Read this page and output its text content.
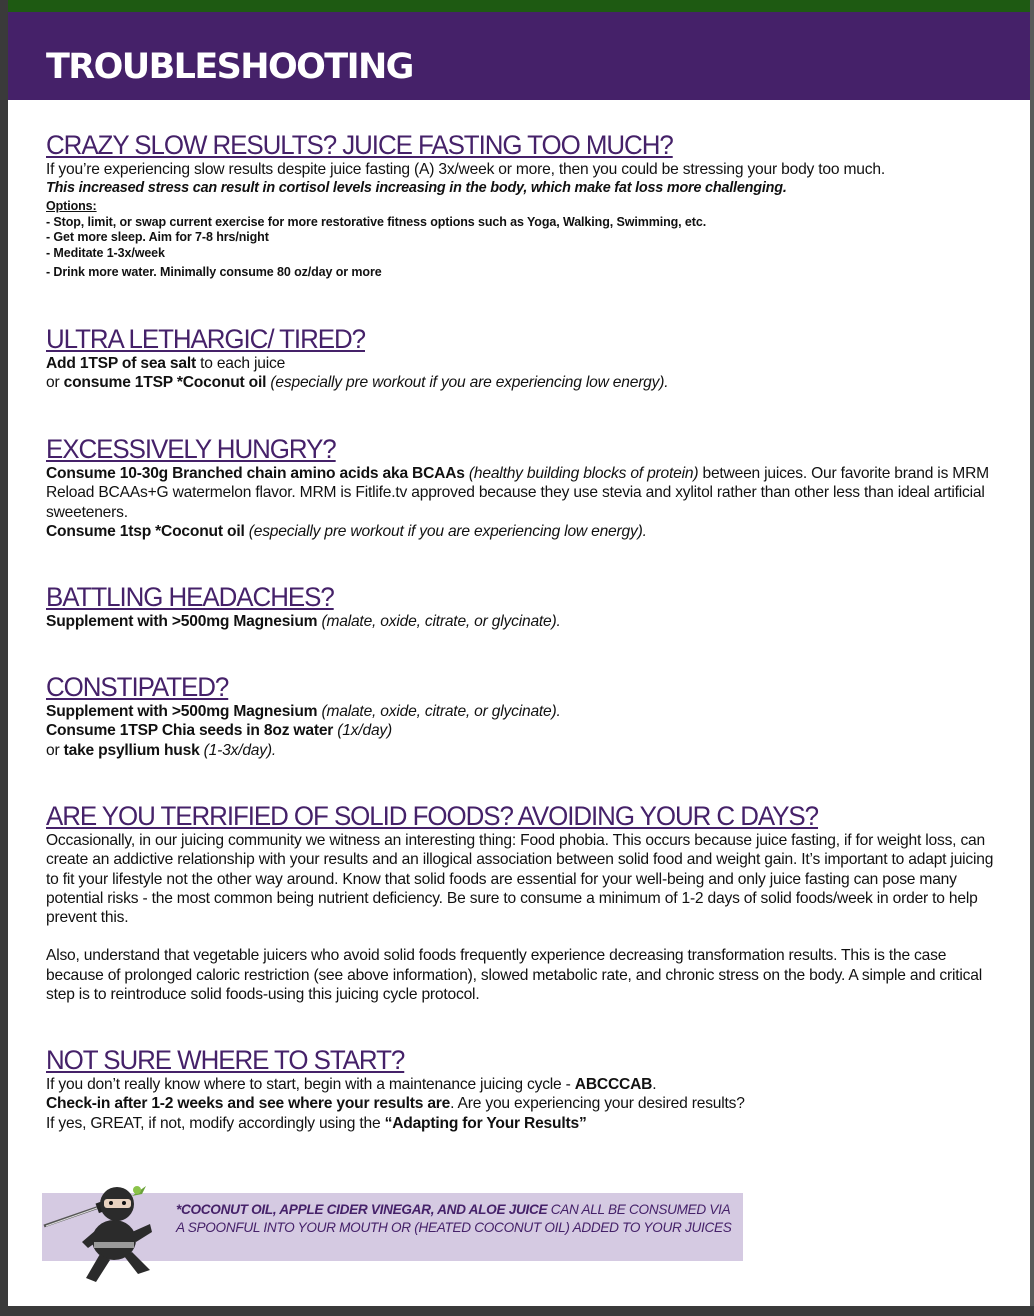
TROUBLESHOOTING
CRAZY SLOW RESULTS? JUICE FASTING TOO MUCH?

If you’re experiencing slow results despite juice fasting (A) 3x/week or more, then you could be stressing your body too much.

This increased stress can result in cortisol levels increasing in the body, which make fat loss more challenging.

Options:

- Stop, limit, or swap current exercise for more restorative fitness options such as Yoga, Walking, Swimming, etc.

- Get more sleep. Aim for 7-8 hrs/night

- Meditate 1-3x/week

- Drink more water. Minimally consume 80 oz/day or more

ULTRA LETHARGIC/ TIRED?

Add 1TSP of sea salt to each juice

or consume 1TSP *Coconut oil (especially pre workout if you are experiencing low energy).

EXCESSIVELY HUNGRY?

Consume 10-30g Branched chain amino acids aka BCAAs (healthy building blocks of protein) between juices. Our favorite brand is MRM Reload BCAAs+G watermelon flavor. MRM is Fitlife.tv approved because they use stevia and xylitol rather than other less than ideal artificial sweeteners.

Consume 1tsp *Coconut oil (especially pre workout if you are experiencing low energy).

BATTLING HEADACHES?

Supplement with >500mg Magnesium (malate, oxide, citrate, or glycinate).

CONSTIPATED?

Supplement with >500mg Magnesium (malate, oxide, citrate, or glycinate).

Consume 1TSP Chia seeds in 8oz water (1x/day)

or take psyllium husk (1-3x/day).

ARE YOU TERRIFIED OF SOLID FOODS? AVOIDING YOUR C DAYS?

Occasionally, in our juicing community we witness an interesting thing: Food phobia. This occurs because juice fasting, if for weight loss, can create an addictive relationship with your results and an illogical association between solid food and weight gain. It’s important to adapt juicing to fit your lifestyle not the other way around. Know that solid foods are essential for your well-being and only juice fasting can pose many potential risks - the most common being nutrient deficiency. Be sure to consume a minimum of 1-2 days of solid foods/week in order to help prevent this.

Also, understand that vegetable juicers who avoid solid foods frequently experience decreasing transformation results. This is the case because of prolonged caloric restriction (see above information), slowed metabolic rate, and chronic stress on the body. A simple and critical step is to reintroduce solid foods-using this juicing cycle protocol.

NOT SURE WHERE TO START?

If you don’t really know where to start, begin with a maintenance juicing cycle - ABCCCAB.

Check-in after 1-2 weeks and see where your results are. Are you experiencing your desired results?

If yes, GREAT, if not, modify accordingly using the “Adapting for Your Results”

*COCONUT OIL, APPLE CIDER VINEGAR, AND ALOE JUICE CAN ALL BE CONSUMED VIA A SPOONFUL INTO YOUR MOUTH OR (HEATED COCONUT OIL) ADDED TO YOUR JUICES
